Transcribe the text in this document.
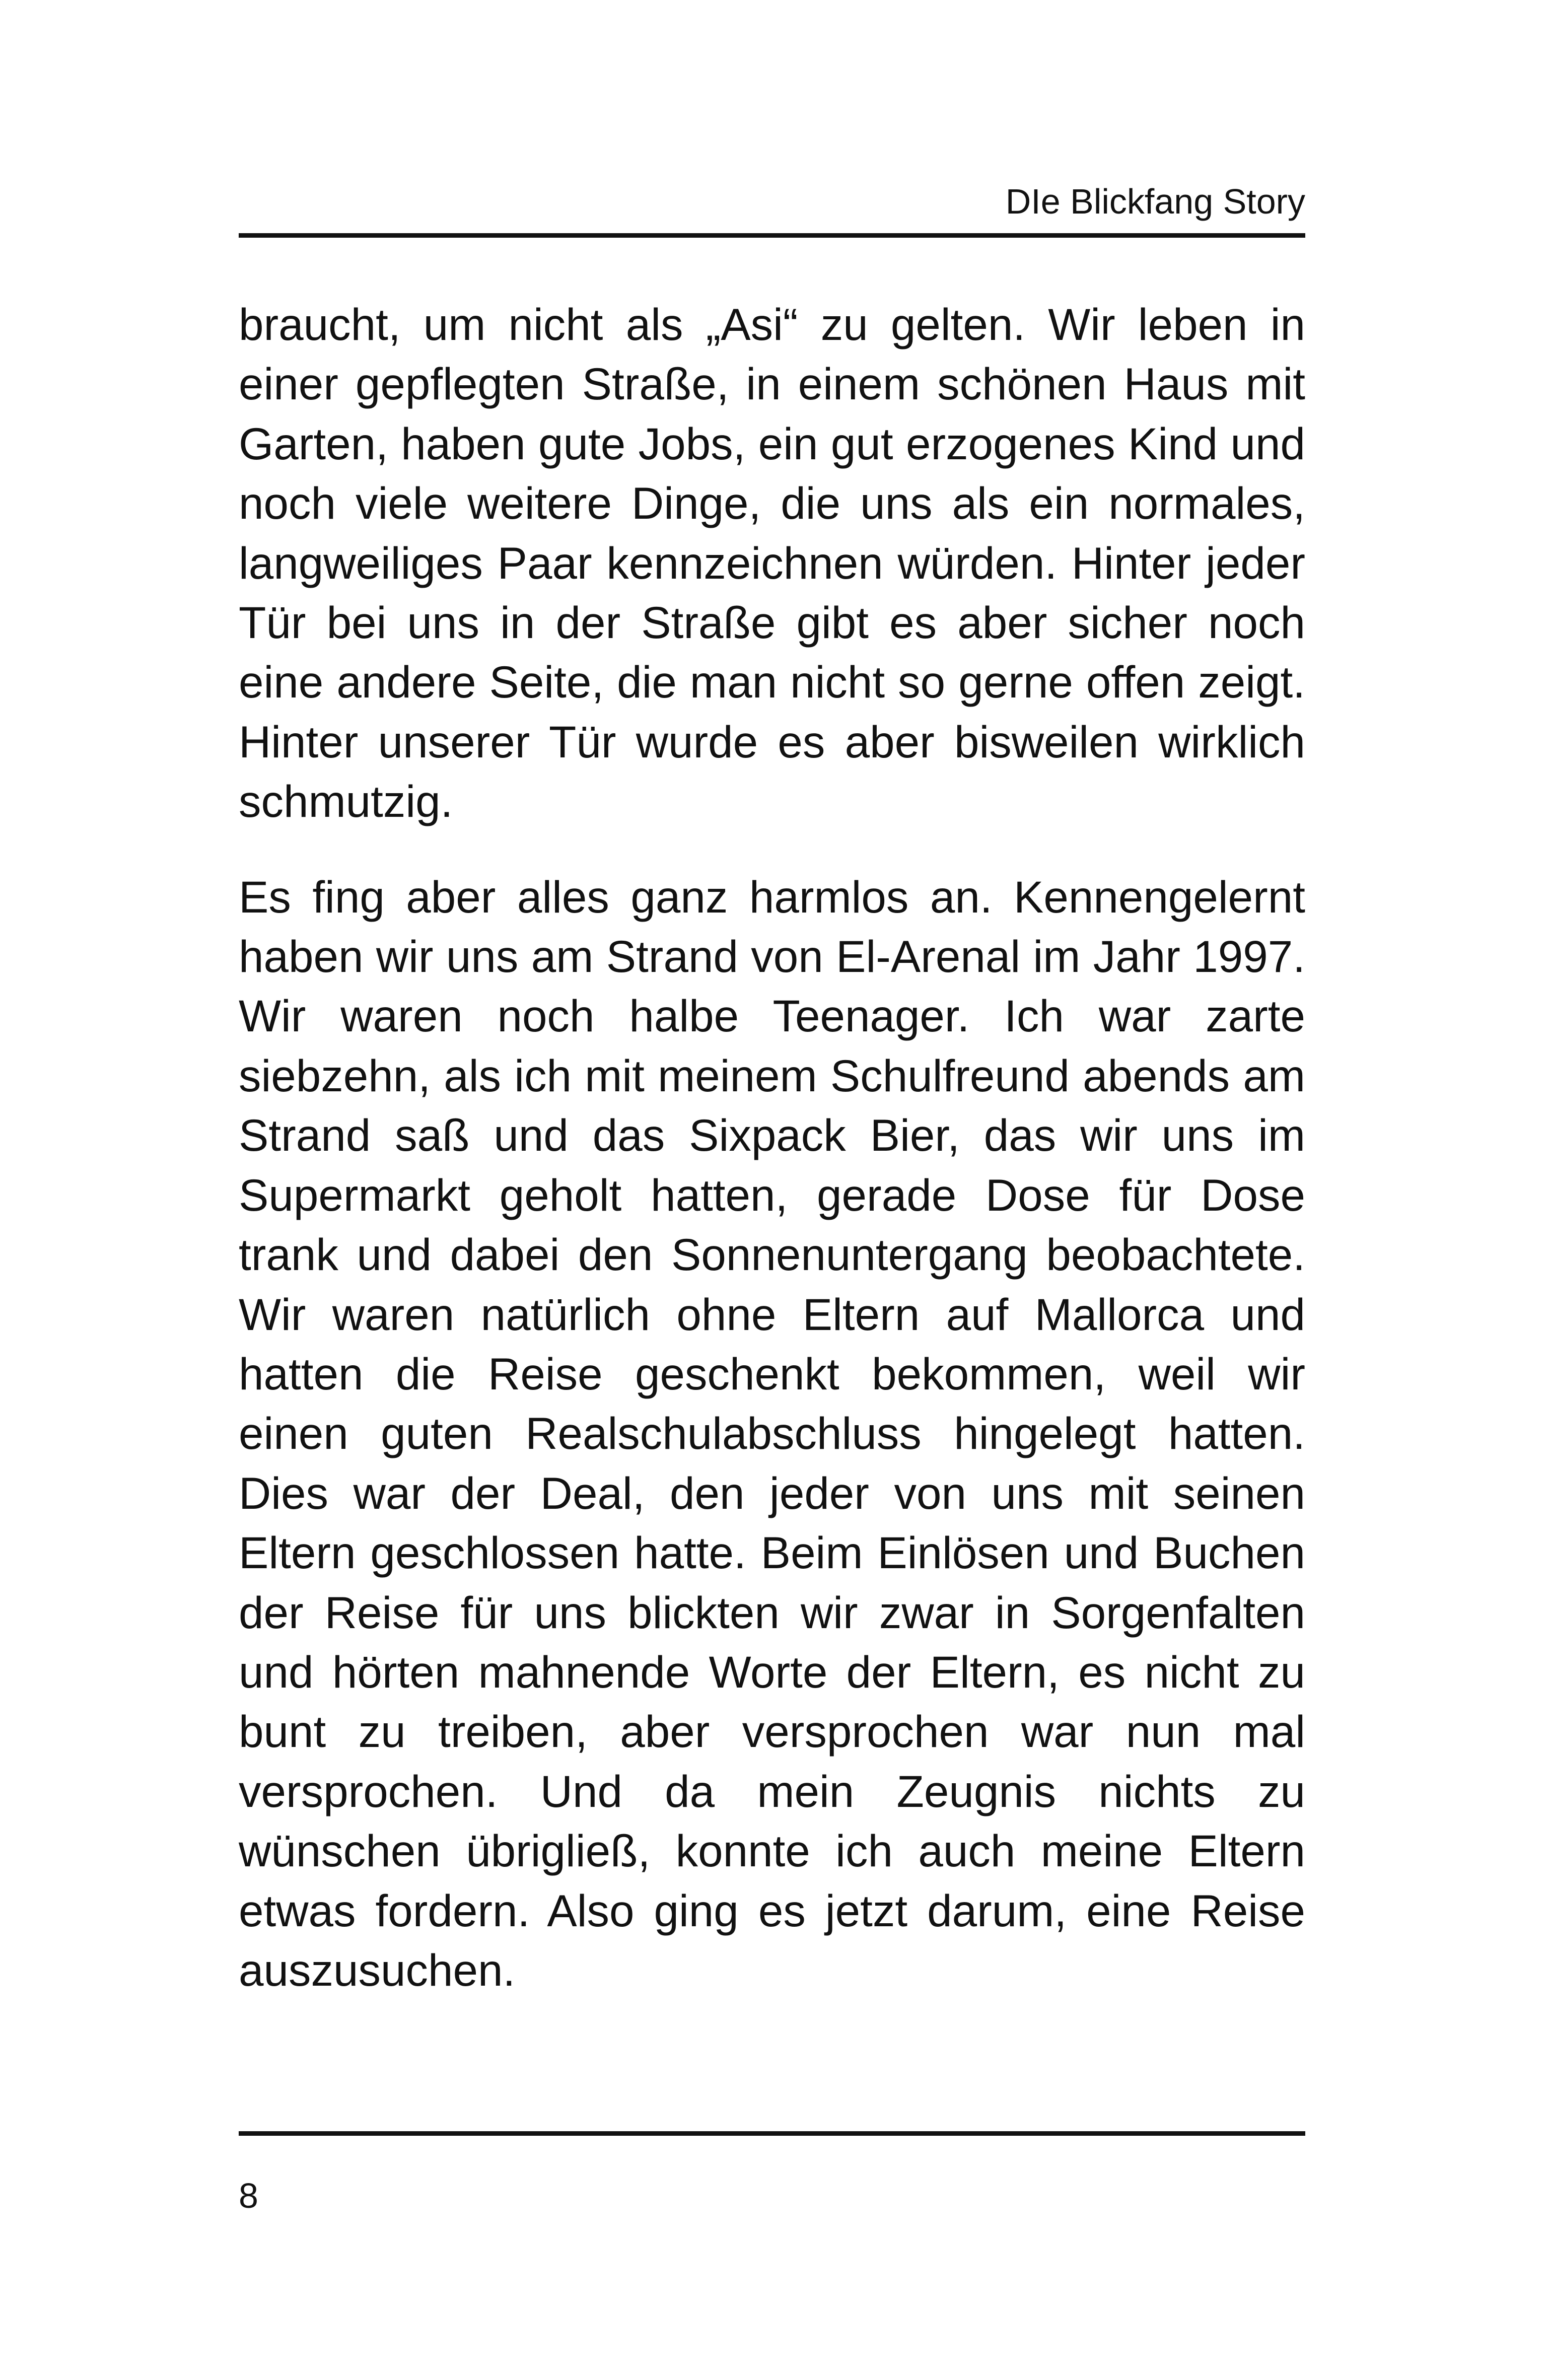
DIe Blickfang Story

braucht, um nicht als „Asi“ zu gelten. Wir leben in einer gepflegten Straße, in einem schönen Haus mit Garten, haben gute Jobs, ein gut erzogenes Kind und noch viele weitere Dinge, die uns als ein normales, langweiliges Paar kennzeichnen würden. Hinter jeder Tür bei uns in der Straße gibt es aber sicher noch eine andere Seite, die man nicht so gerne offen zeigt. Hinter unserer Tür wurde es aber bisweilen wirklich schmutzig.

Es fing aber alles ganz harmlos an. Kennengelernt haben wir uns am Strand von El-Arenal im Jahr 1997. Wir waren noch halbe Teenager. Ich war zarte siebzehn, als ich mit meinem Schulfreund abends am Strand saß und das Sixpack Bier, das wir uns im Supermarkt geholt hatten, gerade Dose für Dose trank und dabei den Sonnenuntergang beobachtete. Wir waren natürlich ohne Eltern auf Mallorca und hatten die Reise geschenkt bekommen, weil wir einen guten Realschulabschluss hingelegt hatten. Dies war der Deal, den jeder von uns mit seinen Eltern geschlossen hatte. Beim Einlösen und Buchen der Reise für uns blickten wir zwar in Sorgenfalten und hörten mahnende Worte der Eltern, es nicht zu bunt zu treiben, aber versprochen war nun mal versprochen. Und da mein Zeugnis nichts zu wünschen übrigließ, konnte ich auch meine Eltern etwas fordern. Also ging es jetzt darum, eine Reise auszusuchen.

8
